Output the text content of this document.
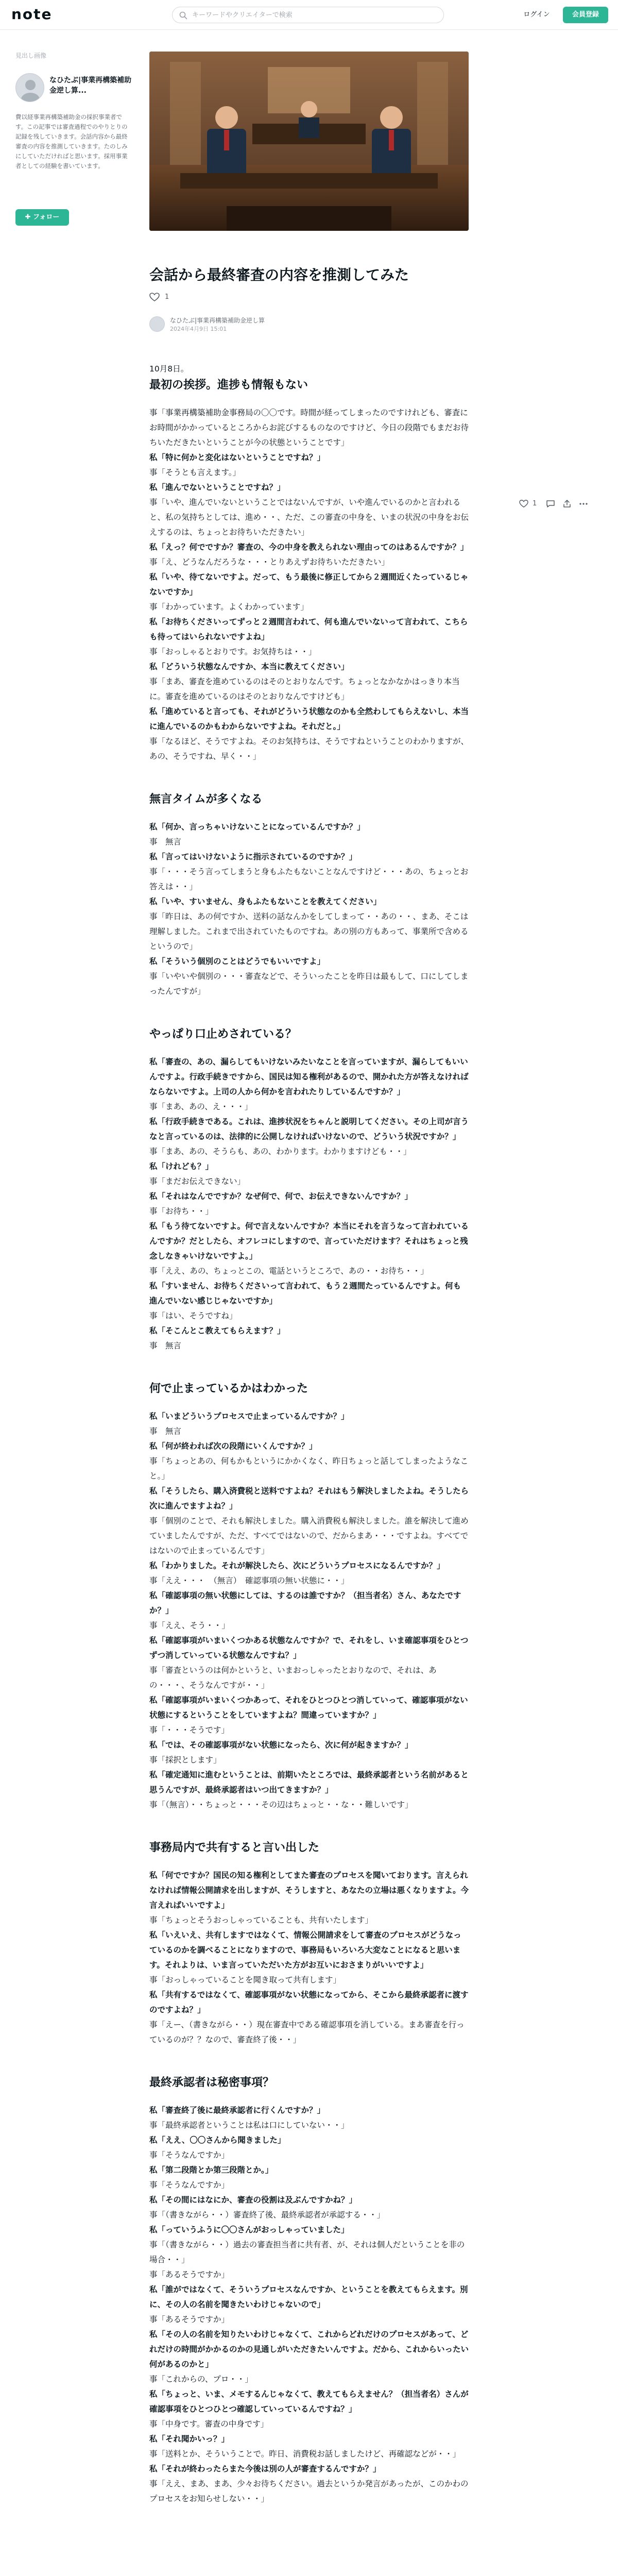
note	キーワードやクリエイターで検索	ログイン	会員登録
見出し画像
なひたぶ|事業再構築補助金逆し算...
費以経事業再構築補助金の採択事業者です。この記事では審査過程でのやりとりの記録を残していきます。会話内容から最終審査の内容を推測していきます。たのしみにしていただければと思います。採用事業者としての経験を書いています。
✚ フォロー
会話から最終審査の内容を推測してみた
1
なひたぶ|事業再構築補助金逆し算
2024年4月9日 15:01

10月8日。

最初の挨拶。進捗も情報もない

事「事業再構築補助金事務局の〇〇です。時間が経ってしまったのですけれども、審査にお時間がかかっているところからお詫びするものなのですけど、今日の段階でもまだお待ちいただきたいということが今の状態ということです」

私「特に何かと変化はないということですね？」

事「そうとも言えます。」

私「進んでないということですね？」

事「いや、進んでいないということではないんですが、いや進んでいるのかと言われると、私の気持ちとしては、進め・・、ただ、この審査の中身を、いまの状況の中身をお伝えするのは、ちょっとお待ちいただきたい」

私「えっ？何でですか？審査の、今の中身を教えられない理由ってのはあるんですか？」

事「え、どうなんだろうな・・・とりあえずお待ちいただきたい」

私「いや、待てないですよ。だって、もう最後に修正してから２週間近くたっているじゃないですか」

事「わかっています。よくわかっています」

私「お待ちくださいってずっと２週間言われて、何も進んでいないって言われて、こちらも待ってはいられないですよね」

事「おっしゃるとおりです。お気持ちは・・」

私「どういう状態なんですか、本当に教えてください」

事「まあ、審査を進めているのはそのとおりなんです。ちょっとなかなかはっきり本当に。審査を進めているのはそのとおりなんですけども」

私「進めていると言っても、それがどういう状態なのかも全然わしてもらえないし、本当に進んでいるのかもわからないですよね。それだと。」

事「なるほど、そうですよね。そのお気持ちは、そうですねということのわかりますが、あの、そうですね、早く・・」

無言タイムが多くなる

私「何か、言っちゃいけないことになっているんですか？」

事　無言

私「言ってはいけないように指示されているのですか？」

事「・・・そう言ってしまうと身もふたもないことなんですけど・・・あの、ちょっとお答えは・・」

私「いや、すいません、身もふたもないことを教えてください」

事「昨日は、あの何ですか、送料の話なんかをしてしまって・・あの・・、まあ、そこは理解しました。これまで出されていたものですね。あの別の方もあって、事業所で含めるというので」

私「そういう個別のことはどうでもいいですよ」

事「いやいや個別の・・・審査などで、そういったことを昨日は最もして、口にしてしまったんですが」

やっぱり口止めされている？

私「審査の、あの、漏らしてもいけないみたいなことを言っていますが、漏らしてもいいんですよ。行政手続きですから、国民は知る権利があるので、開かれた方が答えなければならないですよ。上司の人から何かを言われたりしているんですか？」

事「まあ、あの、え・・・」

私「行政手続きである。これは、進捗状況をちゃんと説明してください。その上司が言うなと言っているのは、法律的に公開しなければいけないので、どういう状況ですか？」

事「まあ、あの、そうらも、あの、わかります。わかりますけども・・」

私「けれども？」

事「まだお伝えできない」

私「それはなんでですか？なぜ何で、何で、お伝えできないんですか？」

事「お待ち・・」

私「もう待てないですよ。何で言えないんですか？本当にそれを言うなって言われているんですか？だとしたら、オフレコにしますので、言っていただけます？それはちょっと残念しなきゃいけないですよ。」

事「ええ、あの、ちょっとこの、電話というところで、あの・・お待ち・・」

私「すいません、お待ちくださいって言われて、もう２週間たっているんですよ。何も進んでいない感じじゃないですか」

事「はい、そうですね」

私「そこんとこ教えてもらえます？」

事　無言

何で止まっているかはわかった

私「いまどういうプロセスで止まっているんですか？」

事　無言

私「何が終われば次の段階にいくんですか？」

事「ちょっとあの、何もかもというにかかくなく、昨日ちょっと話してしまったようなこと。」

私「そうしたら、購入済費税と送料ですよね？それはもう解決しましたよね。そうしたら次に進んでますよね？」

事「個別のことで、それも解決しました。購入消費税も解決しました。誰を解決して進めていましたんですが、ただ、すべてではないので、だからまあ・・・ですよね。すべてではないので止まっているんです」

私「わかりました。それが解決したら、次にどういうプロセスになるんですか？」

事「ええ・・・　（無言）　確認事項の無い状態に・・」

私「確認事項の無い状態にしては、するのは誰ですか？（担当者名）さん、あなたですか？」

事「ええ、そう・・」

私「確認事項がいまいくつかある状態なんですか？で、それをし、いま確認事項をひとつずつ消していっている状態なんですね？」

事「審査というのは何かというと、いまおっしゃったとおりなので、それは、あの・・・、そうなんですが・・」

私「確認事項がいまいくつかあって、それをひとつひとつ消していって、確認事項がない状態にするということをしていますよね？間違っていますか？」

事「・・・そうです」

私「では、その確認事項がない状態になったら、次に何が起きますか？」

事「採択とします」

私「確定通知に進むということは、前期いたところでは、最終承認者という名前があると思うんですが、最終承認者はいつ出てきますか？」

事「（無言）・・ちょっと・・・その辺はちょっと・・な・・難しいです」

事務局内で共有すると言い出した

私「何でですか？国民の知る権利としてまた審査のプロセスを聞いております。言えられなければ情報公開請求を出しますが、そうしますと、あなたの立場は悪くなりますよ。今言えればいいですよ」

事「ちょっとそうおっしゃっていることも、共有いたします」

私「いえいえ、共有しますではなくて、情報公開請求をして審査のプロセスがどうなっているのかを調べることになりますので、事務局もいろいろ大変なことになると思います。それよりは、いま言っていただいた方がお互いにおさまりがいいですよ」

事「おっしゃっていることを聞き取って共有します」

私「共有するではなくて、確認事項がない状態になってから、そこから最終承認者に渡すのですよね？」

事「えー、（書きながら・・）現在審査中である確認事項を消している。まあ審査を行っているのが？？なので、審査終了後・・」

最終承認者は秘密事項？

私「審査終了後に最終承認者に行くんですか？」

事「最終承認者ということは私は口にしていない・・」

私「ええ、〇〇さんから聞きました」

事「そうなんですか」

私「第二段階とか第三段階とか。」

事「そうなんですか」

私「その間にはなにか、審査の役割は及ぶんですかね？」

事「（書きながら・・）審査終了後、最終承認者が承認する・・」

私「っていうふうに〇〇さんがおっしゃっていました」

事「（書きながら・・）過去の審査担当者に共有者、が、それは個人だということを非の場合・・」

事「あるそうですか」

私「誰がではなくて、そういうプロセスなんですか、ということを教えてもらえます。別に、その人の名前を聞きたいわけじゃないので」

事「あるそうですか」

私「その人の名前を知りたいわけじゃなくて、これからどれだけのプロセスがあって、どれだけの時間がかかるのかの見通しがいただきたいんですよ。だから、これからいったい何があるのかと」

事「これからの、プロ・・」

私「ちょっと、いま、メモするんじゃなくて、教えてもらえません？（担当者名）さんが確認事項をひとつひとつ確認していっているんですね？」

事「中身です。審査の中身です」

私「それ聞かいっ？」

事「送料とか、そういうことで。昨日、消費税お話しましたけど、再確認などが・・」

私「それが終わったらまた今後は別の人が審査するんですか？」

事「ええ、まあ、まあ、少々お待ちください。過去というか発言があったが、このかわのプロセスをお知らせしない・・」

1
